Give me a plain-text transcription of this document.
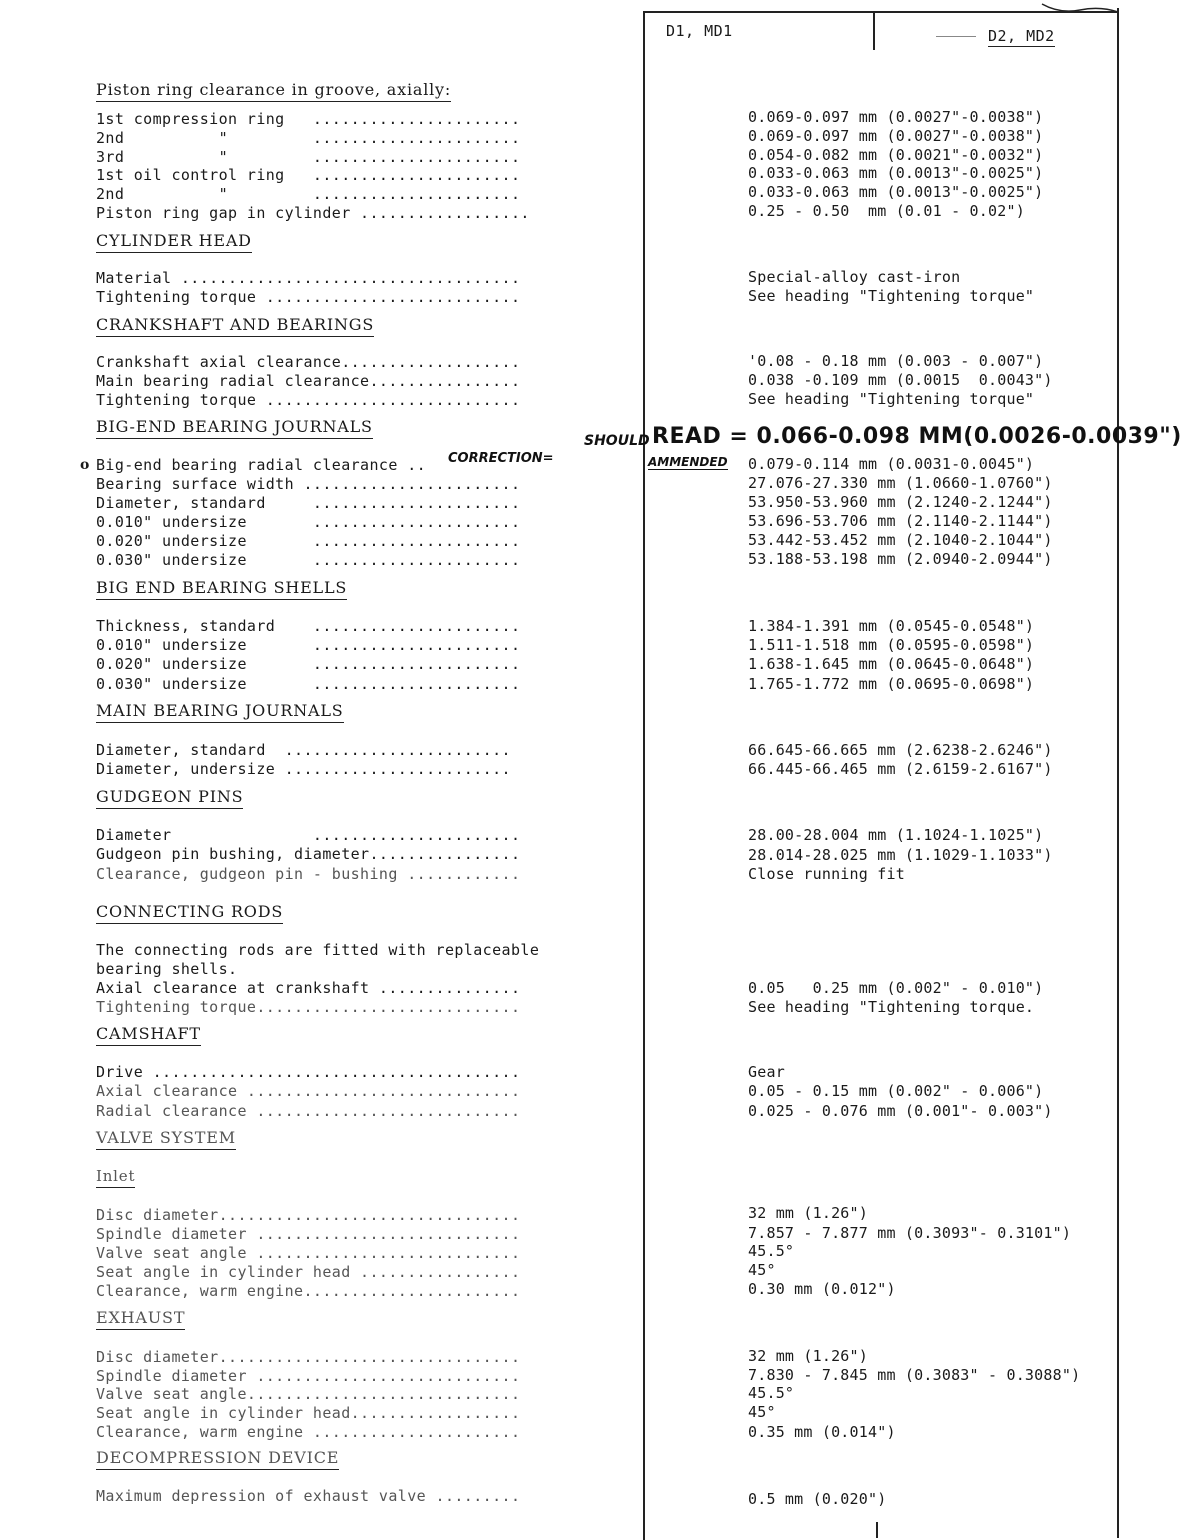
D1, MD1	D2, MD2
Piston ring clearance in groove, axially:
1st compression ring   ......................	0.069-0.097 mm (0.0027"-0.0038")
2nd          "         ......................	0.069-0.097 mm (0.0027"-0.0038")
3rd          "         ......................	0.054-0.082 mm (0.0021"-0.0032")
1st oil control ring   ......................	0.033-0.063 mm (0.0013"-0.0025")
2nd          "         ......................	0.033-0.063 mm (0.0013"-0.0025")
Piston ring gap in cylinder ..................	0.25 - 0.50  mm (0.01 - 0.02")
CYLINDER HEAD
Material ....................................	Special-alloy cast-iron
Tightening torque ...........................	See heading "Tightening torque"
CRANKSHAFT AND BEARINGS
Crankshaft axial clearance...................	'0.08 - 0.18 mm (0.003 - 0.007")
Main bearing radial clearance................	0.038 -0.109 mm (0.0015  0.0043")
Tightening torque ...........................	See heading "Tightening torque"
BIG-END BEARING JOURNALS
SHOULD READ = 0.066-0.098 MM(0.0026-0.0039")
o Big-end bearing radial clearance .. CORRECTION=	AMMENDED 0.079-0.114 mm (0.0031-0.0045")
Bearing surface width .......................	27.076-27.330 mm (1.0660-1.0760")
Diameter, standard     ......................	53.950-53.960 mm (2.1240-2.1244")
0.010" undersize       ......................	53.696-53.706 mm (2.1140-2.1144")
0.020" undersize       ......................	53.442-53.452 mm (2.1040-2.1044")
0.030" undersize       ......................	53.188-53.198 mm (2.0940-2.0944")
BIG END BEARING SHELLS
Thickness, standard    ......................	1.384-1.391 mm (0.0545-0.0548")
0.010" undersize       ......................	1.511-1.518 mm (0.0595-0.0598")
0.020" undersize       ......................	1.638-1.645 mm (0.0645-0.0648")
0.030" undersize       ......................	1.765-1.772 mm (0.0695-0.0698")
MAIN BEARING JOURNALS
Diameter, standard  ........................	66.645-66.665 mm (2.6238-2.6246")
Diameter, undersize ........................	66.445-66.465 mm (2.6159-2.6167")
GUDGEON PINS
Diameter               ......................	28.00-28.004 mm (1.1024-1.1025")
Gudgeon pin bushing, diameter................	28.014-28.025 mm (1.1029-1.1033")
Clearance, gudgeon pin - bushing ............	Close running fit
CONNECTING RODS
The connecting rods are fitted with replaceable
bearing shells.
Axial clearance at crankshaft ...............	0.05   0.25 mm (0.002" - 0.010")
Tightening torque............................	See heading "Tightening torque.
CAMSHAFT
Drive .......................................	Gear
Axial clearance .............................	0.05 - 0.15 mm (0.002" - 0.006")
Radial clearance ............................	0.025 - 0.076 mm (0.001"- 0.003")
VALVE SYSTEM
Inlet
Disc diameter................................	32 mm (1.26")
Spindle diameter ............................	7.857 - 7.877 mm (0.3093"- 0.3101")
Valve seat angle ............................	45.5°
Seat angle in cylinder head .................	45°
Clearance, warm engine.......................	0.30 mm (0.012")
EXHAUST
Disc diameter................................	32 mm (1.26")
Spindle diameter ............................	7.830 - 7.845 mm (0.3083" - 0.3088")
Valve seat angle.............................	45.5°
Seat angle in cylinder head..................	45°
Clearance, warm engine ......................	0.35 mm (0.014")
DECOMPRESSION DEVICE
Maximum depression of exhaust valve .........	0.5 mm (0.020")
